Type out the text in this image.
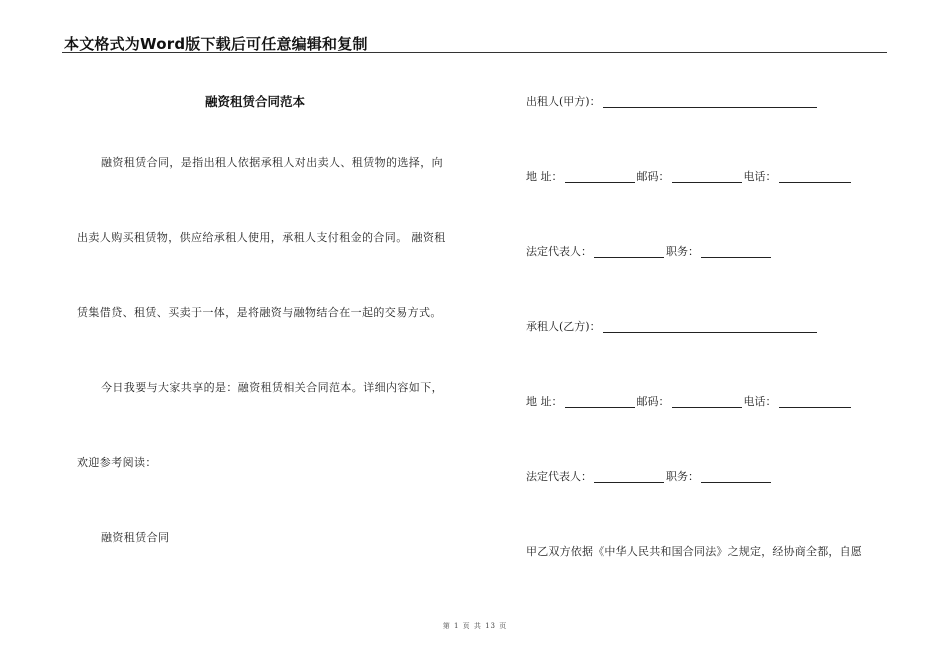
本文格式为Word版下载后可任意编辑和复制
融资租赁合同范本
融资租赁合同，是指出租人依据承租人对出卖人、租赁物的选择，向
出卖人购买租赁物，供应给承租人使用，承租人支付租金的合同。 融资租
赁集借贷、租赁、买卖于一体，是将融资与融物结合在一起的交易方式。
今日我要与大家共享的是：融资租赁相关合同范本。详细内容如下，
欢迎参考阅读：
融资租赁合同
出租人(甲方)：
地 址：	邮码：	电话：
法定代表人：	职务：
承租人(乙方)：
地 址：	邮码：	电话：
法定代表人：	职务：
甲乙双方依据《中华人民共和国合同法》之规定，经协商全都，自愿
第 1 页 共 13 页
